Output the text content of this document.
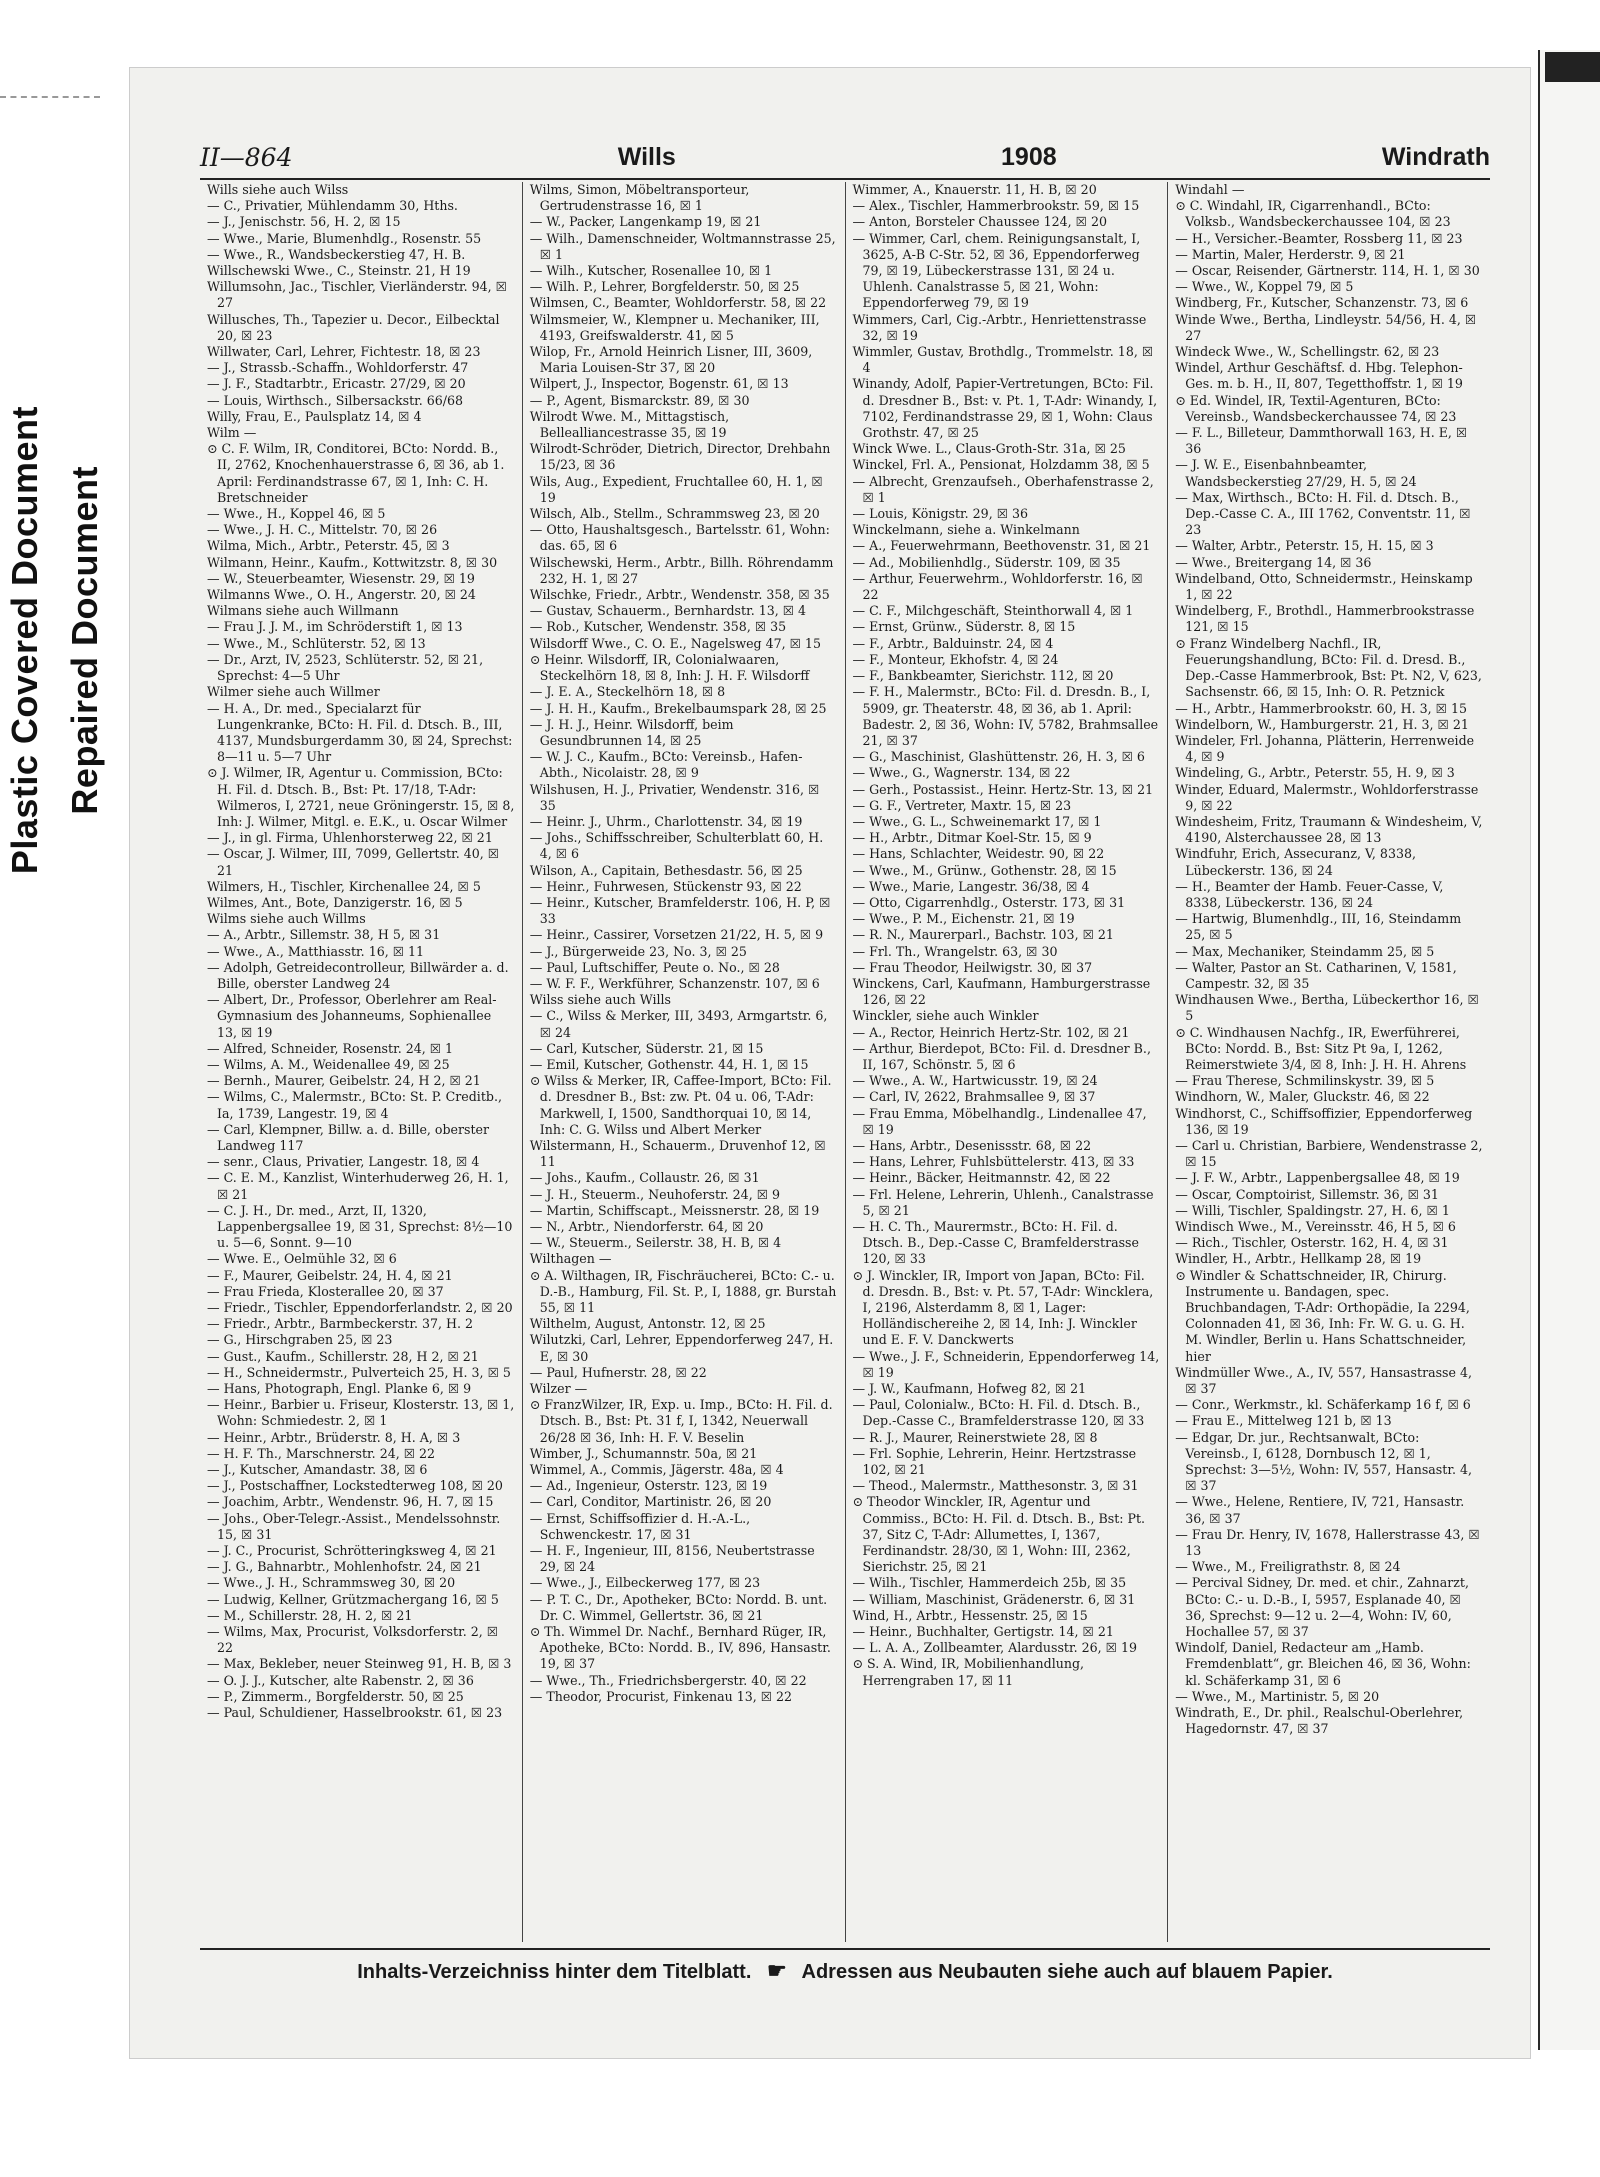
Plastic Covered Document Repaired Document
II—864	Wills	1908	Windrath

Wills siehe auch Wilss

— C., Privatier, Mühlendamm 30, Hths.

— J., Jenischstr. 56, H. 2, ☒ 15

— Wwe., Marie, Blumenhdlg., Rosenstr. 55

— Wwe., R., Wandsbeckerstieg 47, H. B.

Willschewski Wwe., C., Steinstr. 21, H 19

Willumsohn, Jac., Tischler, Vierländerstr. 94, ☒ 27

Willusches, Th., Tapezier u. Decor., Eilbecktal 20, ☒ 23

Willwater, Carl, Lehrer, Fichtestr. 18, ☒ 23

— J., Strassb.-Schaffn., Wohldorferstr. 47

— J. F., Stadtarbtr., Ericastr. 27/29, ☒ 20

— Louis, Wirthsch., Silbersackstr. 66/68

Willy, Frau, E., Paulsplatz 14, ☒ 4

Wilm —

⊙ C. F. Wilm, IR, Conditorei, BCto: Nordd. B., II, 2762, Knochenhauerstrasse 6, ☒ 36, ab 1. April: Ferdinandstrasse 67, ☒ 1, Inh: C. H. Bretschneider

— Wwe., H., Koppel 46, ☒ 5

— Wwe., J. H. C., Mittelstr. 70, ☒ 26

Wilma, Mich., Arbtr., Peterstr. 45, ☒ 3

Wilmann, Heinr., Kaufm., Kottwitzstr. 8, ☒ 30

— W., Steuerbeamter, Wiesenstr. 29, ☒ 19

Wilmanns Wwe., O. H., Angerstr. 20, ☒ 24

Wilmans siehe auch Willmann

— Frau J. J. M., im Schröderstift 1, ☒ 13

— Wwe., M., Schlüterstr. 52, ☒ 13

— Dr., Arzt, IV, 2523, Schlüterstr. 52, ☒ 21, Sprechst: 4—5 Uhr

Wilmer siehe auch Willmer

— H. A., Dr. med., Specialarzt für Lungenkranke, BCto: H. Fil. d. Dtsch. B., III, 4137, Mundsburgerdamm 30, ☒ 24, Sprechst: 8—11 u. 5—7 Uhr

⊙ J. Wilmer, IR, Agentur u. Commission, BCto: H. Fil. d. Dtsch. B., Bst: Pt. 17/18, T-Adr: Wilmeros, I, 2721, neue Gröningerstr. 15, ☒ 8, Inh: J. Wilmer, Mitgl. e. E.K., u. Oscar Wilmer

— J., in gl. Firma, Uhlenhorsterweg 22, ☒ 21

— Oscar, J. Wilmer, III, 7099, Gellertstr. 40, ☒ 21

Wilmers, H., Tischler, Kirchenallee 24, ☒ 5

Wilmes, Ant., Bote, Danzigerstr. 16, ☒ 5

Wilms siehe auch Willms

— A., Arbtr., Sillemstr. 38, H 5, ☒ 31

— Wwe., A., Matthiasstr. 16, ☒ 11

— Adolph, Getreidecontrolleur, Billwärder a. d. Bille, oberster Landweg 24

— Albert, Dr., Professor, Oberlehrer am Real-Gymnasium des Johanneums, Sophienallee 13, ☒ 19

— Alfred, Schneider, Rosenstr. 24, ☒ 1

— Wilms, A. M., Weidenallee 49, ☒ 25

— Bernh., Maurer, Geibelstr. 24, H 2, ☒ 21

— Wilms, C., Malermstr., BCto: St. P. Creditb., Ia, 1739, Langestr. 19, ☒ 4

— Carl, Klempner, Billw. a. d. Bille, oberster Landweg 117

— senr., Claus, Privatier, Langestr. 18, ☒ 4

— C. E. M., Kanzlist, Winterhuderweg 26, H. 1, ☒ 21

— C. J. H., Dr. med., Arzt, II, 1320, Lappenbergsallee 19, ☒ 31, Sprechst: 8½—10 u. 5—6, Sonnt. 9—10

— Wwe. E., Oelmühle 32, ☒ 6

— F., Maurer, Geibelstr. 24, H. 4, ☒ 21

— Frau Frieda, Klosterallee 20, ☒ 37

— Friedr., Tischler, Eppendorferlandstr. 2, ☒ 20

— Friedr., Arbtr., Barmbeckerstr. 37, H. 2

— G., Hirschgraben 25, ☒ 23

— Gust., Kaufm., Schillerstr. 28, H 2, ☒ 21

— H., Schneidermstr., Pulverteich 25, H. 3, ☒ 5

— Hans, Photograph, Engl. Planke 6, ☒ 9

— Heinr., Barbier u. Friseur, Klosterstr. 13, ☒ 1, Wohn: Schmiedestr. 2, ☒ 1

— Heinr., Arbtr., Brüderstr. 8, H. A, ☒ 3

— H. F. Th., Marschnerstr. 24, ☒ 22

— J., Kutscher, Amandastr. 38, ☒ 6

— J., Postschaffner, Lockstedterweg 108, ☒ 20

— Joachim, Arbtr., Wendenstr. 96, H. 7, ☒ 15

— Johs., Ober-Telegr.-Assist., Mendelssohnstr. 15, ☒ 31

— J. C., Procurist, Schrötteringksweg 4, ☒ 21

— J. G., Bahnarbtr., Mohlenhofstr. 24, ☒ 21

— Wwe., J. H., Schrammsweg 30, ☒ 20

— Ludwig, Kellner, Grützmachergang 16, ☒ 5

— M., Schillerstr. 28, H. 2, ☒ 21

— Wilms, Max, Procurist, Volksdorferstr. 2, ☒ 22

— Max, Bekleber, neuer Steinweg 91, H. B, ☒ 3

— O. J. J., Kutscher, alte Rabenstr. 2, ☒ 36

— P., Zimmerm., Borgfelderstr. 50, ☒ 25

— Paul, Schuldiener, Hasselbrookstr. 61, ☒ 23

Wilms, Simon, Möbeltransporteur, Gertrudenstrasse 16, ☒ 1

— W., Packer, Langenkamp 19, ☒ 21

— Wilh., Damenschneider, Woltmannstrasse 25, ☒ 1

— Wilh., Kutscher, Rosenallee 10, ☒ 1

— Wilh. P., Lehrer, Borgfelderstr. 50, ☒ 25

Wilmsen, C., Beamter, Wohldorferstr. 58, ☒ 22

Wilmsmeier, W., Klempner u. Mechaniker, III, 4193, Greifswalderstr. 41, ☒ 5

Wilop, Fr., Arnold Heinrich Lisner, III, 3609, Maria Louisen-Str 37, ☒ 20

Wilpert, J., Inspector, Bogenstr. 61, ☒ 13

— P., Agent, Bismarckstr. 89, ☒ 30

Wilrodt Wwe. M., Mittagstisch, Bellealliancestrasse 35, ☒ 19

Wilrodt-Schröder, Dietrich, Director, Drehbahn 15/23, ☒ 36

Wils, Aug., Expedient, Fruchtallee 60, H. 1, ☒ 19

Wilsch, Alb., Stellm., Schrammsweg 23, ☒ 20

— Otto, Haushaltsgesch., Bartelsstr. 61, Wohn: das. 65, ☒ 6

Wilschewski, Herm., Arbtr., Billh. Röhrendamm 232, H. 1, ☒ 27

Wilschke, Friedr., Arbtr., Wendenstr. 358, ☒ 35

— Gustav, Schauerm., Bernhardstr. 13, ☒ 4

— Rob., Kutscher, Wendenstr. 358, ☒ 35

Wilsdorff Wwe., C. O. E., Nagelsweg 47, ☒ 15

⊙ Heinr. Wilsdorff, IR, Colonialwaaren, Steckelhörn 18, ☒ 8, Inh: J. H. F. Wilsdorff

— J. E. A., Steckelhörn 18, ☒ 8

— J. H. H., Kaufm., Brekelbaumspark 28, ☒ 25

— J. H. J., Heinr. Wilsdorff, beim Gesundbrunnen 14, ☒ 25

— W. J. C., Kaufm., BCto: Vereinsb., Hafen-Abth., Nicolaistr. 28, ☒ 9

Wilshusen, H. J., Privatier, Wendenstr. 316, ☒ 35

— Heinr. J., Uhrm., Charlottenstr. 34, ☒ 19

— Johs., Schiffsschreiber, Schulterblatt 60, H. 4, ☒ 6

Wilson, A., Capitain, Bethesdastr. 56, ☒ 25

— Heinr., Fuhrwesen, Stückenstr 93, ☒ 22

— Heinr., Kutscher, Bramfelderstr. 106, H. P, ☒ 33

— Heinr., Cassirer, Vorsetzen 21/22, H. 5, ☒ 9

— J., Bürgerweide 23, No. 3, ☒ 25

— Paul, Luftschiffer, Peute o. No., ☒ 28

— W. F. F., Werkführer, Schanzenstr. 107, ☒ 6

Wilss siehe auch Wills

— C., Wilss & Merker, III, 3493, Armgartstr. 6, ☒ 24

— Carl, Kutscher, Süderstr. 21, ☒ 15

— Emil, Kutscher, Gothenstr. 44, H. 1, ☒ 15

⊙ Wilss & Merker, IR, Caffee-Import, BCto: Fil. d. Dresdner B., Bst: zw. Pt. 04 u. 06, T-Adr: Markwell, I, 1500, Sandthorquai 10, ☒ 14, Inh: C. G. Wilss und Albert Merker

Wilstermann, H., Schauerm., Druvenhof 12, ☒ 11

— Johs., Kaufm., Collaustr. 26, ☒ 31

— J. H., Steuerm., Neuhoferstr. 24, ☒ 9

— Martin, Schiffscapt., Meissnerstr. 28, ☒ 19

— N., Arbtr., Niendorferstr. 64, ☒ 20

— W., Steuerm., Seilerstr. 38, H. B, ☒ 4

Wilthagen —

⊙ A. Wilthagen, IR, Fischräucherei, BCto: C.- u. D.-B., Hamburg, Fil. St. P., I, 1888, gr. Burstah 55, ☒ 11

Wilthelm, August, Antonstr. 12, ☒ 25

Wilutzki, Carl, Lehrer, Eppendorferweg 247, H. E, ☒ 30

— Paul, Hufnerstr. 28, ☒ 22

Wilzer —

⊙ FranzWilzer, IR, Exp. u. Imp., BCto: H. Fil. d. Dtsch. B., Bst: Pt. 31 f, I, 1342, Neuerwall 26/28 ☒ 36, Inh: H. F. V. Beselin

Wimber, J., Schumannstr. 50a, ☒ 21

Wimmel, A., Commis, Jägerstr. 48a, ☒ 4

— Ad., Ingenieur, Osterstr. 123, ☒ 19

— Carl, Conditor, Martinistr. 26, ☒ 20

— Ernst, Schiffsoffizier d. H.-A.-L., Schwenckestr. 17, ☒ 31

— H. F., Ingenieur, III, 8156, Neubertstrasse 29, ☒ 24

— Wwe., J., Eilbeckerweg 177, ☒ 23

— P. T. C., Dr., Apotheker, BCto: Nordd. B. unt. Dr. C. Wimmel, Gellertstr. 36, ☒ 21

⊙ Th. Wimmel Dr. Nachf., Bernhard Rüger, IR, Apotheke, BCto: Nordd. B., IV, 896, Hansastr. 19, ☒ 37

— Wwe., Th., Friedrichsbergerstr. 40, ☒ 22

— Theodor, Procurist, Finkenau 13, ☒ 22

Wimmer, A., Knauerstr. 11, H. B, ☒ 20

— Alex., Tischler, Hammerbrookstr. 59, ☒ 15

— Anton, Borsteler Chaussee 124, ☒ 20

— Wimmer, Carl, chem. Reinigungsanstalt, I, 3625, A-B C-Str. 52, ☒ 36, Eppendorferweg 79, ☒ 19, Lübeckerstrasse 131, ☒ 24 u. Uhlenh. Canalstrasse 5, ☒ 21, Wohn: Eppendorferweg 79, ☒ 19

Wimmers, Carl, Cig.-Arbtr., Henriettenstrasse 32, ☒ 19

Wimmler, Gustav, Brothdlg., Trommelstr. 18, ☒ 4

Winandy, Adolf, Papier-Vertretungen, BCto: Fil. d. Dresdner B., Bst: v. Pt. 1, T-Adr: Winandy, I, 7102, Ferdinandstrasse 29, ☒ 1, Wohn: Claus Grothstr. 47, ☒ 25

Winck Wwe. L., Claus-Groth-Str. 31a, ☒ 25

Winckel, Frl. A., Pensionat, Holzdamm 38, ☒ 5

— Albrecht, Grenzaufseh., Oberhafenstrasse 2, ☒ 1

— Louis, Königstr. 29, ☒ 36

Winckelmann, siehe a. Winkelmann

— A., Feuerwehrmann, Beethovenstr. 31, ☒ 21

— Ad., Mobilienhdlg., Süderstr. 109, ☒ 35

— Arthur, Feuerwehrm., Wohldorferstr. 16, ☒ 22

— C. F., Milchgeschäft, Steinthorwall 4, ☒ 1

— Ernst, Grünw., Süderstr. 8, ☒ 15

— F., Arbtr., Balduinstr. 24, ☒ 4

— F., Monteur, Ekhofstr. 4, ☒ 24

— F., Bankbeamter, Sierichstr. 112, ☒ 20

— F. H., Malermstr., BCto: Fil. d. Dresdn. B., I, 5909, gr. Theaterstr. 48, ☒ 36, ab 1. April: Badestr. 2, ☒ 36, Wohn: IV, 5782, Brahmsallee 21, ☒ 37

— G., Maschinist, Glashüttenstr. 26, H. 3, ☒ 6

— Wwe., G., Wagnerstr. 134, ☒ 22

— Gerh., Postassist., Heinr. Hertz-Str. 13, ☒ 21

— G. F., Vertreter, Maxtr. 15, ☒ 23

— Wwe., G. L., Schweinemarkt 17, ☒ 1

— H., Arbtr., Ditmar Koel-Str. 15, ☒ 9

— Hans, Schlachter, Weidestr. 90, ☒ 22

— Wwe., M., Grünw., Gothenstr. 28, ☒ 15

— Wwe., Marie, Langestr. 36/38, ☒ 4

— Otto, Cigarrenhdlg., Osterstr. 173, ☒ 31

— Wwe., P. M., Eichenstr. 21, ☒ 19

— R. N., Maurerparl., Bachstr. 103, ☒ 21

— Frl. Th., Wrangelstr. 63, ☒ 30

— Frau Theodor, Heilwigstr. 30, ☒ 37

Winckens, Carl, Kaufmann, Hamburgerstrasse 126, ☒ 22

Winckler, siehe auch Winkler

— A., Rector, Heinrich Hertz-Str. 102, ☒ 21

— Arthur, Bierdepot, BCto: Fil. d. Dresdner B., II, 167, Schönstr. 5, ☒ 6

— Wwe., A. W., Hartwicusstr. 19, ☒ 24

— Carl, IV, 2622, Brahmsallee 9, ☒ 37

— Frau Emma, Möbelhandlg., Lindenallee 47, ☒ 19

— Hans, Arbtr., Desenissstr. 68, ☒ 22

— Hans, Lehrer, Fuhlsbüttelerstr. 413, ☒ 33

— Heinr., Bäcker, Heitmannstr. 42, ☒ 22

— Frl. Helene, Lehrerin, Uhlenh., Canalstrasse 5, ☒ 21

— H. C. Th., Maurermstr., BCto: H. Fil. d. Dtsch. B., Dep.-Casse C, Bramfelderstrasse 120, ☒ 33

⊙ J. Winckler, IR, Import von Japan, BCto: Fil. d. Dresdn. B., Bst: v. Pt. 57, T-Adr: Wincklera, I, 2196, Alsterdamm 8, ☒ 1, Lager: Holländischereihe 2, ☒ 14, Inh: J. Winckler und E. F. V. Danckwerts

— Wwe., J. F., Schneiderin, Eppendorferweg 14, ☒ 19

— J. W., Kaufmann, Hofweg 82, ☒ 21

— Paul, Colonialw., BCto: H. Fil. d. Dtsch. B., Dep.-Casse C., Bramfelderstrasse 120, ☒ 33

— R. J., Maurer, Reinerstwiete 28, ☒ 8

— Frl. Sophie, Lehrerin, Heinr. Hertzstrasse 102, ☒ 21

— Theod., Malermstr., Matthesonstr. 3, ☒ 31

⊙ Theodor Winckler, IR, Agentur und Commiss., BCto: H. Fil. d. Dtsch. B., Bst: Pt. 37, Sitz C, T-Adr: Allumettes, I, 1367, Ferdinandstr. 28/30, ☒ 1, Wohn: III, 2362, Sierichstr. 25, ☒ 21

— Wilh., Tischler, Hammerdeich 25b, ☒ 35

— William, Maschinist, Grädenerstr. 6, ☒ 31

Wind, H., Arbtr., Hessenstr. 25, ☒ 15

— Heinr., Buchhalter, Gertigstr. 14, ☒ 21

— L. A. A., Zollbeamter, Alardusstr. 26, ☒ 19

⊙ S. A. Wind, IR, Mobilienhandlung, Herrengraben 17, ☒ 11

Windahl —

⊙ C. Windahl, IR, Cigarrenhandl., BCto: Volksb., Wandsbeckerchaussee 104, ☒ 23

— H., Versicher.-Beamter, Rossberg 11, ☒ 23

— Martin, Maler, Herderstr. 9, ☒ 21

— Oscar, Reisender, Gärtnerstr. 114, H. 1, ☒ 30

— Wwe., W., Koppel 79, ☒ 5

Windberg, Fr., Kutscher, Schanzenstr. 73, ☒ 6

Winde Wwe., Bertha, Lindleystr. 54/56, H. 4, ☒ 27

Windeck Wwe., W., Schellingstr. 62, ☒ 23

Windel, Arthur Geschäftsf. d. Hbg. Telephon-Ges. m. b. H., II, 807, Tegetthoffstr. 1, ☒ 19

⊙ Ed. Windel, IR, Textil-Agenturen, BCto: Vereinsb., Wandsbeckerchaussee 74, ☒ 23

— F. L., Billeteur, Dammthorwall 163, H. E, ☒ 36

— J. W. E., Eisenbahnbeamter, Wandsbeckerstieg 27/29, H. 5, ☒ 24

— Max, Wirthsch., BCto: H. Fil. d. Dtsch. B., Dep.-Casse C. A., III 1762, Conventstr. 11, ☒ 23

— Walter, Arbtr., Peterstr. 15, H. 15, ☒ 3

— Wwe., Breitergang 14, ☒ 36

Windelband, Otto, Schneidermstr., Heinskamp 1, ☒ 22

Windelberg, F., Brothdl., Hammerbrookstrasse 121, ☒ 15

⊙ Franz Windelberg Nachfl., IR, Feuerungshandlung, BCto: Fil. d. Dresd. B., Dep.-Casse Hammerbrook, Bst: Pt. N2, V, 623, Sachsenstr. 66, ☒ 15, Inh: O. R. Petznick

— H., Arbtr., Hammerbrookstr. 60, H. 3, ☒ 15

Windelborn, W., Hamburgerstr. 21, H. 3, ☒ 21

Windeler, Frl. Johanna, Plätterin, Herrenweide 4, ☒ 9

Windeling, G., Arbtr., Peterstr. 55, H. 9, ☒ 3

Winder, Eduard, Malermstr., Wohldorferstrasse 9, ☒ 22

Windesheim, Fritz, Traumann & Windesheim, V, 4190, Alsterchaussee 28, ☒ 13

Windfuhr, Erich, Assecuranz, V, 8338, Lübeckerstr. 136, ☒ 24

— H., Beamter der Hamb. Feuer-Casse, V, 8338, Lübeckerstr. 136, ☒ 24

— Hartwig, Blumenhdlg., III, 16, Steindamm 25, ☒ 5

— Max, Mechaniker, Steindamm 25, ☒ 5

— Walter, Pastor an St. Catharinen, V, 1581, Campestr. 32, ☒ 35

Windhausen Wwe., Bertha, Lübeckerthor 16, ☒ 5

⊙ C. Windhausen Nachfg., IR, Ewerführerei, BCto: Nordd. B., Bst: Sitz Pt 9a, I, 1262, Reimerstwiete 3/4, ☒ 8, Inh: J. H. H. Ahrens

— Frau Therese, Schmilinskystr. 39, ☒ 5

Windhorn, W., Maler, Gluckstr. 46, ☒ 22

Windhorst, C., Schiffsoffizier, Eppendorferweg 136, ☒ 19

— Carl u. Christian, Barbiere, Wendenstrasse 2, ☒ 15

— J. F. W., Arbtr., Lappenbergsallee 48, ☒ 19

— Oscar, Comptoirist, Sillemstr. 36, ☒ 31

— Willi, Tischler, Spaldingstr. 27, H. 6, ☒ 1

Windisch Wwe., M., Vereinsstr. 46, H 5, ☒ 6

— Rich., Tischler, Osterstr. 162, H. 4, ☒ 31

Windler, H., Arbtr., Hellkamp 28, ☒ 19

⊙ Windler & Schattschneider, IR, Chirurg. Instrumente u. Bandagen, spec. Bruchbandagen, T-Adr: Orthopädie, Ia 2294, Colonnaden 41, ☒ 36, Inh: Fr. W. G. u. G. H. M. Windler, Berlin u. Hans Schattschneider, hier

Windmüller Wwe., A., IV, 557, Hansastrasse 4, ☒ 37

— Conr., Werkmstr., kl. Schäferkamp 16 f, ☒ 6

— Frau E., Mittelweg 121 b, ☒ 13

— Edgar, Dr. jur., Rechtsanwalt, BCto: Vereinsb., I, 6128, Dornbusch 12, ☒ 1, Sprechst: 3—5½, Wohn: IV, 557, Hansastr. 4, ☒ 37

— Wwe., Helene, Rentiere, IV, 721, Hansastr. 36, ☒ 37

— Frau Dr. Henry, IV, 1678, Hallerstrasse 43, ☒ 13

— Wwe., M., Freiligrathstr. 8, ☒ 24

— Percival Sidney, Dr. med. et chir., Zahnarzt, BCto: C.- u. D.-B., I, 5957, Esplanade 40, ☒ 36, Sprechst: 9—12 u. 2—4, Wohn: IV, 60, Hochallee 57, ☒ 37

Windolf, Daniel, Redacteur am „Hamb. Fremdenblatt“, gr. Bleichen 46, ☒ 36, Wohn: kl. Schäferkamp 31, ☒ 6

— Wwe., M., Martinistr. 5, ☒ 20

Windrath, E., Dr. phil., Realschul-Oberlehrer, Hagedornstr. 47, ☒ 37

Inhalts-Verzeichniss hinter dem Titelblatt. ☛ Adressen aus Neubauten siehe auch auf blauem Papier.
